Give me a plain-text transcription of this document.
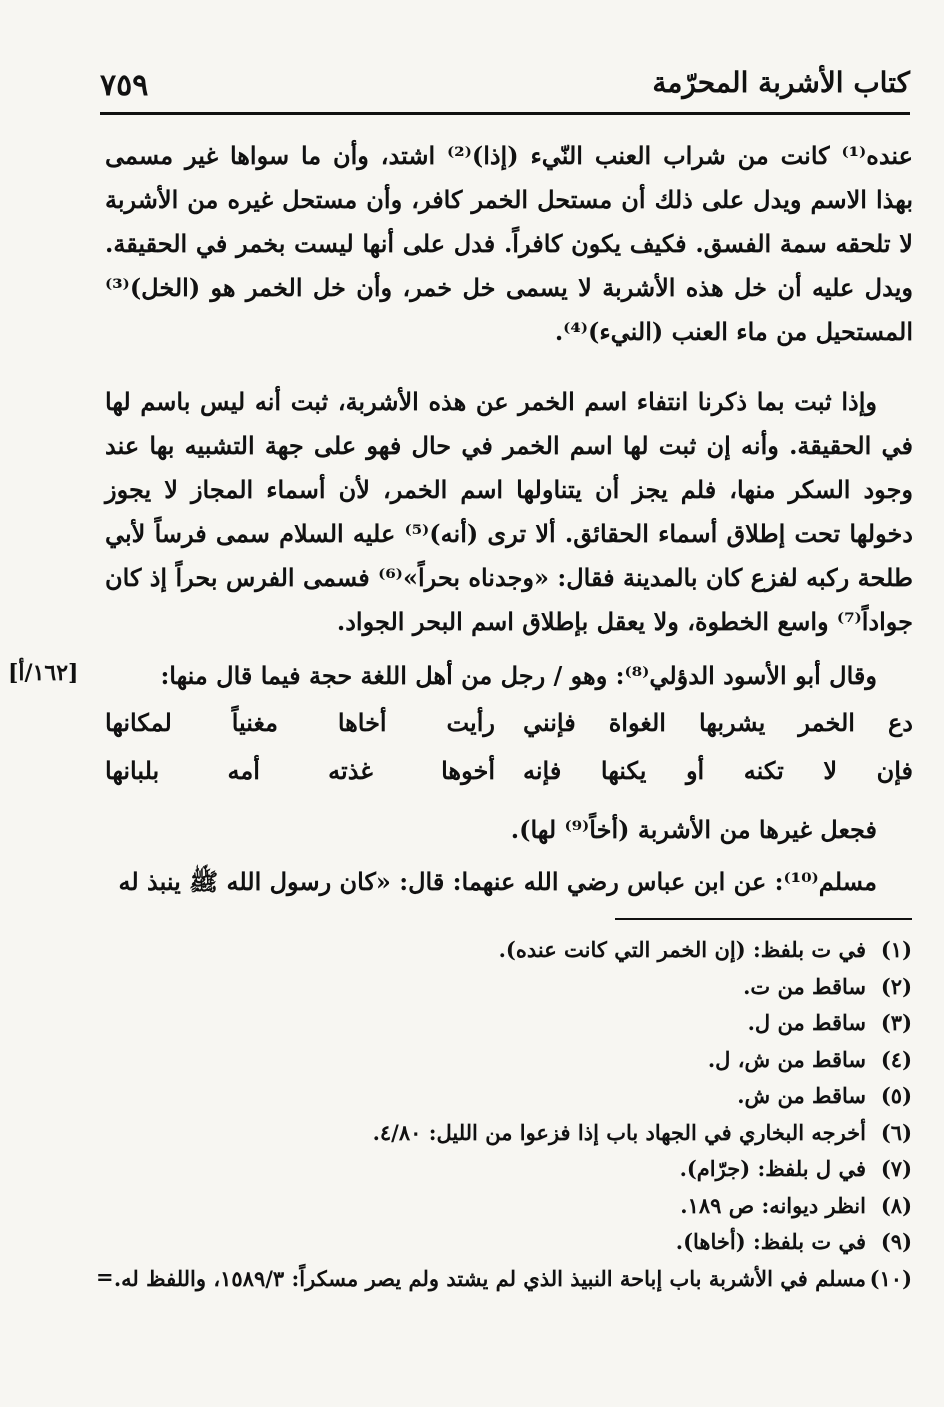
٧٥٩	كتاب الأشربة المحرّمة

عنده⁽¹⁾ كانت من شراب العنب النّيء (إذا)⁽²⁾ اشتد، وأن ما سواها غير مسمى بهذا الاسم ويدل على ذلك أن مستحل الخمر كافر، وأن مستحل غيره من الأشربة لا تلحقه سمة الفسق. فكيف يكون كافراً. فدل على أنها ليست بخمر في الحقيقة. ويدل عليه أن خل هذه الأشربة لا يسمى خل خمر، وأن خل الخمر هو (الخل)⁽³⁾ المستحيل من ماء العنب (النيء)⁽⁴⁾.

وإذا ثبت بما ذكرنا انتفاء اسم الخمر عن هذه الأشربة، ثبت أنه ليس باسم لها في الحقيقة. وأنه إن ثبت لها اسم الخمر في حال فهو على جهة التشبيه بها عند وجود السكر منها، فلم يجز أن يتناولها اسم الخمر، لأن أسماء المجاز لا يجوز دخولها تحت إطلاق أسماء الحقائق. ألا ترى (أنه)⁽⁵⁾ عليه السلام سمى فرساً لأبي طلحة ركبه لفزع كان بالمدينة فقال: «وجدناه بحراً»⁽⁶⁾ فسمى الفرس بحراً إذ كان جواداً⁽⁷⁾ واسع الخطوة، ولا يعقل بإطلاق اسم البحر الجواد.

وقال أبو الأسود الدؤلي⁽⁸⁾: وهو / رجل من أهل اللغة حجة فيما قال منها:

[١٦٢/أ]
دع الخمر يشربها الغواة فإنني
رأيت أخاها مغنياً لمكانها
فإن لا تكنه أو يكنها فإنه
أخوها غذته أمه بلبانها

فجعل غيرها من الأشربة (أخاً⁽⁹⁾ لها).

مسلم⁽¹⁰⁾: عن ابن عباس رضي الله عنهما: قال: «كان رسول الله ﷺ ينبذ له

(١)
في ت بلفظ: (إن الخمر التي كانت عنده).
(٢)
ساقط من ت.
(٣)
ساقط من ل.
(٤)
ساقط من ش، ل.
(٥)
ساقط من ش.
(٦)
أخرجه البخاري في الجهاد باب إذا فزعوا من الليل: ٤/٨٠.
(٧)
في ل بلفظ: (جرّام).
(٨)
انظر ديوانه: ص ١٨٩.
(٩)
في ت بلفظ: (أخاها).
(١٠)
مسلم في الأشربة باب إباحة النبيذ الذي لم يشتد ولم يصر مسكراً: ١٥٨٩/٣، واللفظ له.
=
